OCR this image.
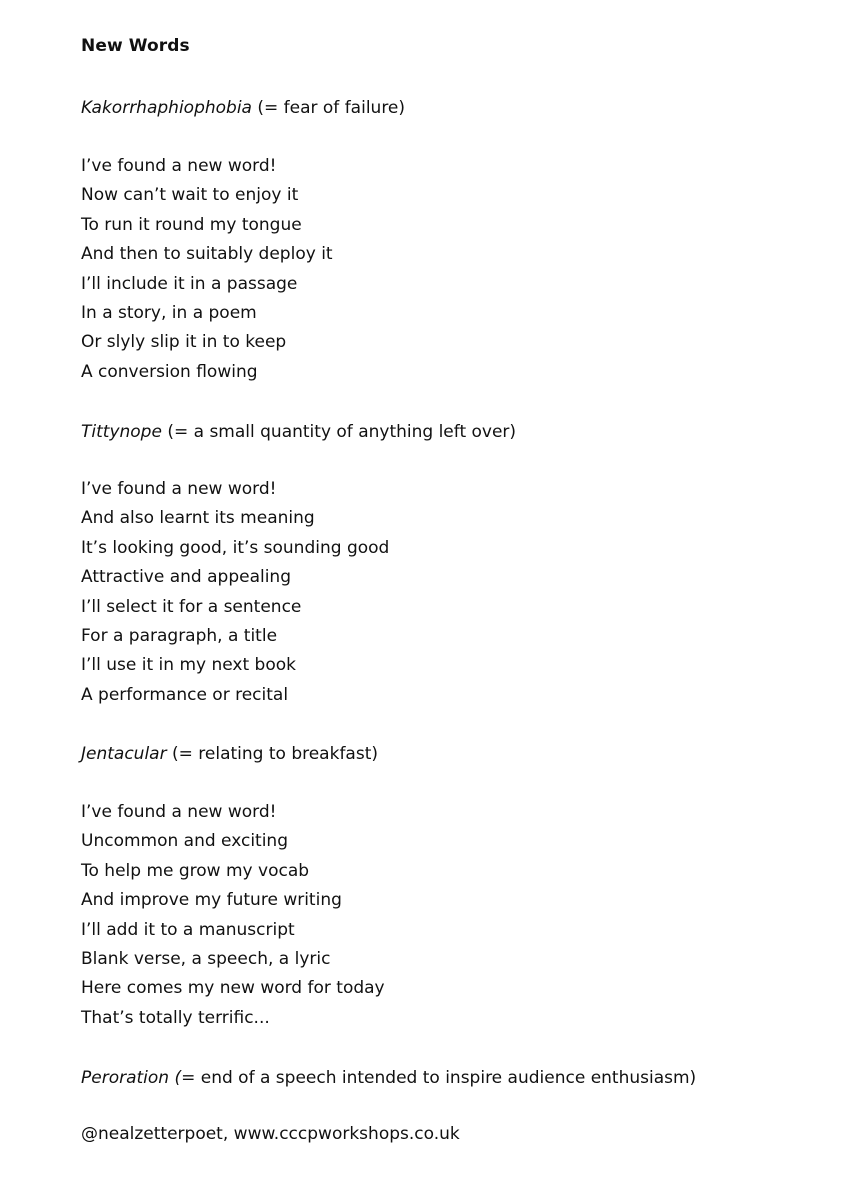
New Words

Kakorrhaphiophobia (= fear of failure)

I’ve found a new word!
Now can’t wait to enjoy it
To run it round my tongue
And then to suitably deploy it
I’ll include it in a passage
In a story, in a poem
Or slyly slip it in to keep
A conversion flowing

Tittynope (= a small quantity of anything left over)

I’ve found a new word!
And also learnt its meaning
It’s looking good, it’s sounding good
Attractive and appealing
I’ll select it for a sentence
For a paragraph, a title
I’ll use it in my next book
A performance or recital

Jentacular (= relating to breakfast)

I’ve found a new word!
Uncommon and exciting
To help me grow my vocab
And improve my future writing
I’ll add it to a manuscript
Blank verse, a speech, a lyric
Here comes my new word for today
That’s totally terrific...

Peroration (= end of a speech intended to inspire audience enthusiasm)

@nealzetterpoet, www.cccpworkshops.co.uk
